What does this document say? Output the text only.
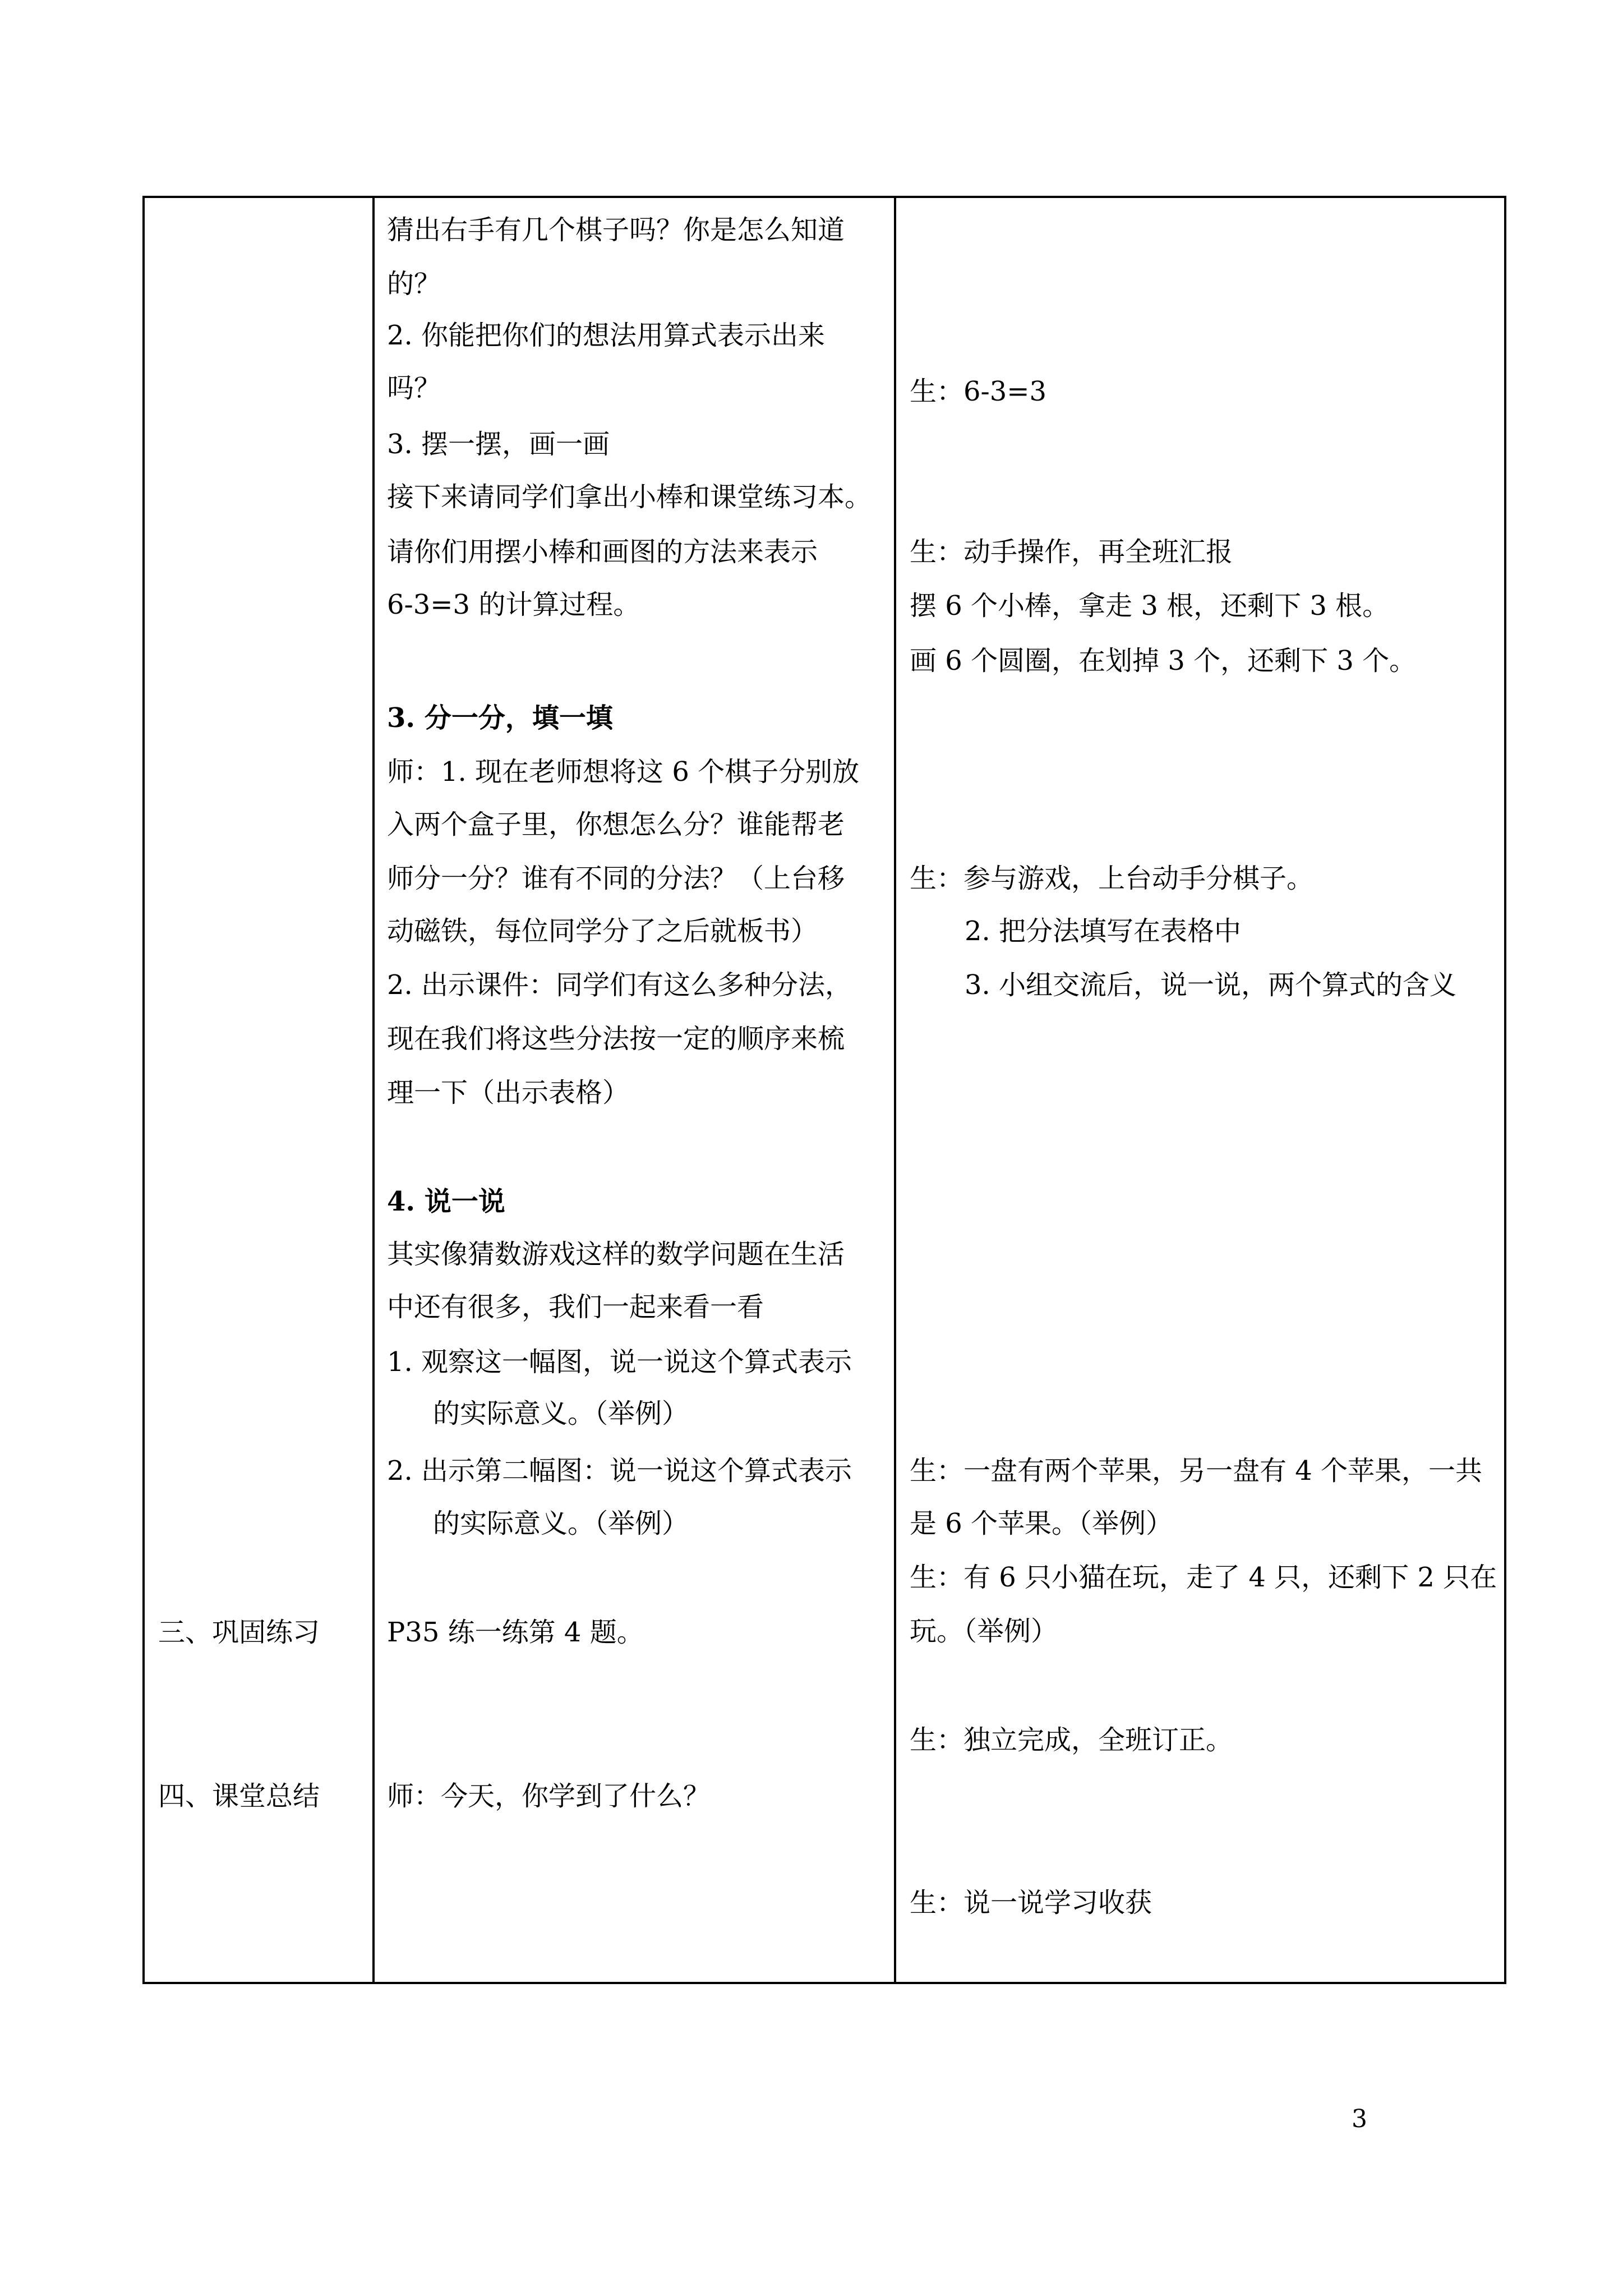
三、巩固练习

四、课堂总结

猜出右手有几个棋子吗？你是怎么知道

的？

2. 你能把你们的想法用算式表示出来

吗？

3. 摆一摆，画一画

接下来请同学们拿出小棒和课堂练习本。

请你们用摆小棒和画图的方法来表示

6-3=3 的计算过程。

3. 分一分，填一填

师：1. 现在老师想将这 6 个棋子分别放

入两个盒子里，你想怎么分？谁能帮老

师分一分？谁有不同的分法？（上台移

动磁铁，每位同学分了之后就板书）

2. 出示课件：同学们有这么多种分法，

现在我们将这些分法按一定的顺序来梳

理一下（出示表格）

4. 说一说

其实像猜数游戏这样的数学问题在生活

中还有很多，我们一起来看一看

1. 观察这一幅图，说一说这个算式表示

的实际意义。（举例）

2. 出示第二幅图：说一说这个算式表示

的实际意义。（举例）

P35 练一练第 4 题。

师：今天，你学到了什么？

生：6-3=3

生：动手操作，再全班汇报

摆 6 个小棒，拿走 3 根，还剩下 3 根。

画 6 个圆圈，在划掉 3 个，还剩下 3 个。

生：参与游戏，上台动手分棋子。

2. 把分法填写在表格中

3. 小组交流后，说一说，两个算式的含义

生：一盘有两个苹果，另一盘有 4 个苹果，一共

是 6 个苹果。（举例）

生：有 6 只小猫在玩，走了 4 只，还剩下 2 只在

玩。（举例）

生：独立完成，全班订正。

生：说一说学习收获

3
